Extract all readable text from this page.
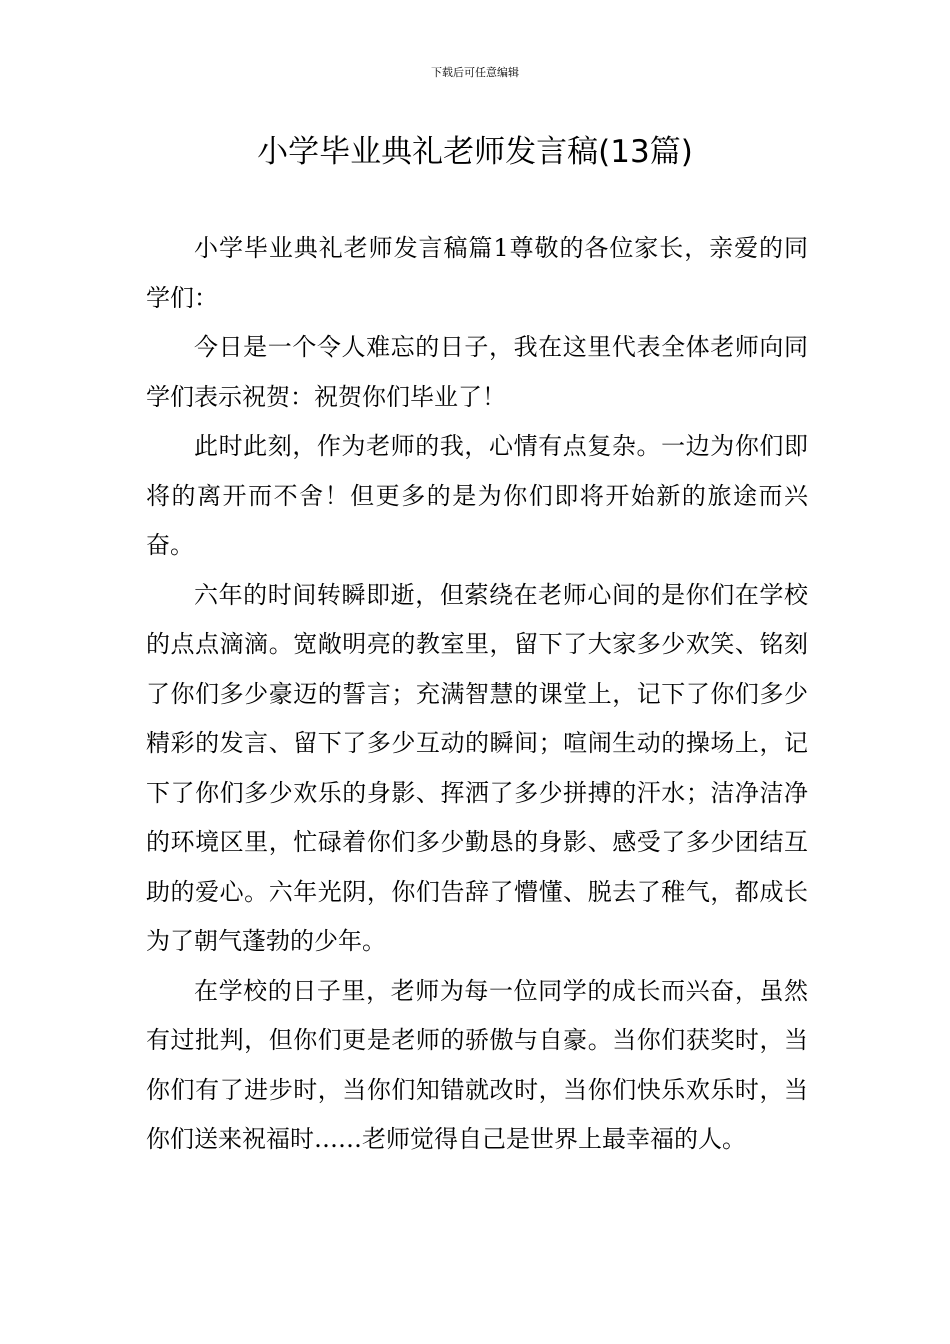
下载后可任意编辑
小学毕业典礼老师发言稿(13篇)

小学毕业典礼老师发言稿篇1尊敬的各位家长，亲爱的同学们：

今日是一个令人难忘的日子，我在这里代表全体老师向同学们表示祝贺：祝贺你们毕业了！

此时此刻，作为老师的我，心情有点复杂。一边为你们即将的离开而不舍！但更多的是为你们即将开始新的旅途而兴奋。

六年的时间转瞬即逝，但萦绕在老师心间的是你们在学校的点点滴滴。宽敞明亮的教室里，留下了大家多少欢笑、铭刻了你们多少豪迈的誓言；充满智慧的课堂上，记下了你们多少精彩的发言、留下了多少互动的瞬间；喧闹生动的操场上，记下了你们多少欢乐的身影、挥洒了多少拼搏的汗水；洁净洁净的环境区里，忙碌着你们多少勤恳的身影、感受了多少团结互助的爱心。六年光阴，你们告辞了懵懂、脱去了稚气，都成长为了朝气蓬勃的少年。

在学校的日子里，老师为每一位同学的成长而兴奋，虽然有过批判，但你们更是老师的骄傲与自豪。当你们获奖时，当你们有了进步时，当你们知错就改时，当你们快乐欢乐时，当你们送来祝福时……老师觉得自己是世界上最幸福的人。
